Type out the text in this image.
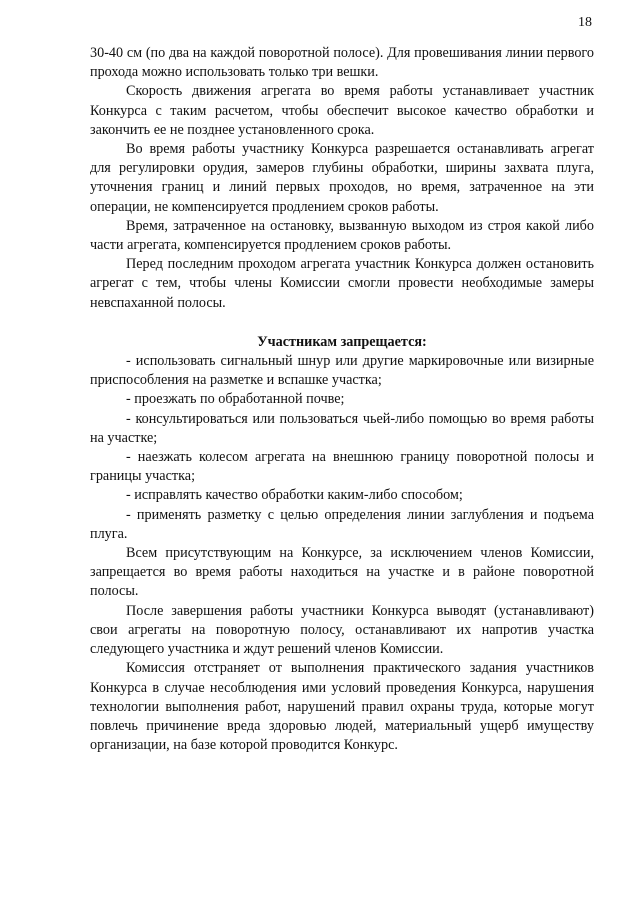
18

30-40 см (по два на каждой поворотной полосе). Для провешивания линии первого прохода можно использовать только три вешки.

Скорость движения агрегата во время работы устанавливает участник Конкурса с таким расчетом, чтобы обеспечит высокое качество обработки и закончить ее не позднее установленного срока.

Во время работы участнику Конкурса разрешается останавливать агрегат для регулировки орудия, замеров глубины обработки, ширины захвата плуга, уточнения границ и линий первых проходов, но время, затраченное на эти операции, не компенсируется продлением сроков работы.

Время, затраченное на остановку, вызванную выходом из строя какой либо части агрегата, компенсируется продлением сроков работы.

Перед последним проходом агрегата участник Конкурса должен остановить агрегат с тем, чтобы члены Комиссии смогли провести необходимые замеры невспаханной полосы.

Участникам запрещается:

- использовать сигнальный шнур или другие маркировочные или визирные приспособления на разметке и вспашке участка;

- проезжать по обработанной почве;

- консультироваться или пользоваться чьей-либо помощью во время работы на участке;

- наезжать колесом агрегата на внешнюю границу поворотной полосы и границы участка;

- исправлять качество обработки каким-либо способом;

- применять разметку с целью определения линии заглубления и подъема плуга.

Всем присутствующим на Конкурсе, за исключением членов Комиссии, запрещается во время работы находиться на участке и в районе поворотной полосы.

После завершения работы участники Конкурса выводят (устанавливают) свои агрегаты на поворотную полосу, останавливают их напротив участка следующего участника и ждут решений членов Комиссии.

Комиссия отстраняет от выполнения практического задания участников Конкурса в случае несоблюдения ими условий проведения Конкурса, нарушения технологии выполнения работ, нарушений правил охраны труда, которые могут повлечь причинение вреда здоровью людей, материальный ущерб имуществу организации, на базе которой проводится Конкурс.
